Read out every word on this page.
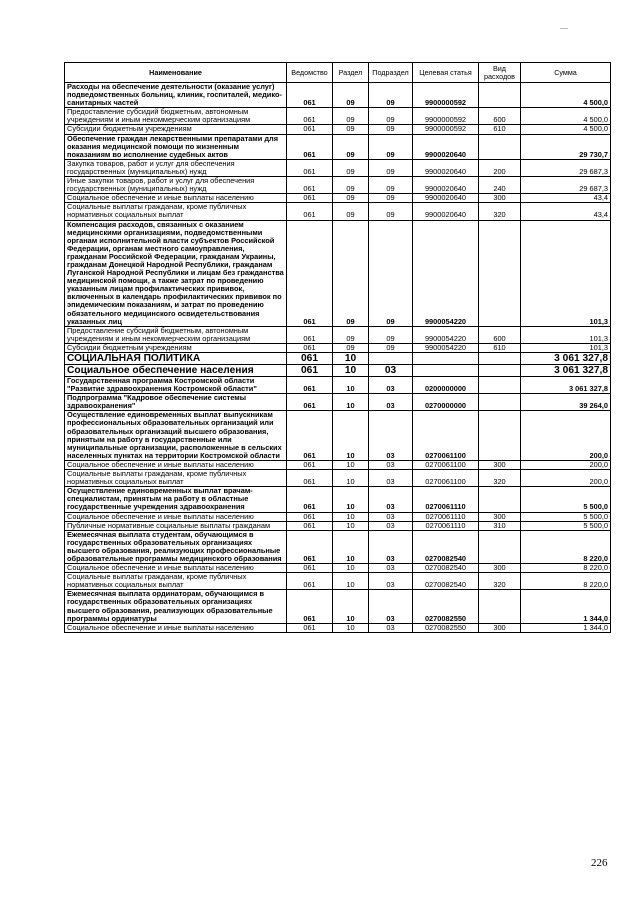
Наименование	Ведомство	Раздел	Подраздел	Целевая статья	Вид расходов	Сумма
Расходы на обеспечение деятельности (оказание услуг) подведомственных больниц, клиник, госпиталей, медико-санитарных частей	061	09	09	9900000592		4 500,0
Предоставление субсидий бюджетным, автономным учреждениям и иным некоммерческим организациям	061	09	09	9900000592	600	4 500,0
Субсидии бюджетным учреждениям	061	09	09	9900000592	610	4 500,0
Обеспечение граждан лекарственными препаратами для оказания медицинской помощи по жизненным показаниям во исполнение судебных актов	061	09	09	9900020640		29 730,7
Закупка товаров, работ и услуг для обеспечения государственных (муниципальных) нужд	061	09	09	9900020640	200	29 687,3
Иные закупки товаров, работ и услуг для обеспечения государственных (муниципальных) нужд	061	09	09	9900020640	240	29 687,3
Социальное обеспечение и иные выплаты населению	061	09	09	9900020640	300	43,4
Социальные выплаты гражданам, кроме публичных нормативных социальных выплат	061	09	09	9900020640	320	43,4
Компенсация расходов, связанных с оказанием медицинскими организациями, подведомственными органам исполнительной власти субъектов Российской Федерации, органам местного самоуправления, гражданам Российской Федерации, гражданам Украины, гражданам Донецкой Народной Республики, гражданам Луганской Народной Республики и лицам без гражданства медицинской помощи, а также затрат по проведению указанным лицам профилактических прививок, включенных в календарь профилактических прививок по эпидемическим показаниям, и затрат по проведению обязательного медицинского освидетельствования указанных лиц	061	09	09	9900054220		101,3
Предоставление субсидий бюджетным, автономным учреждениям и иным некоммерческим организациям	061	09	09	9900054220	600	101,3
Субсидии бюджетным учреждениям	061	09	09	9900054220	610	101,3
СОЦИАЛЬНАЯ ПОЛИТИКА	061	10				3 061 327,8
Социальное обеспечение населения	061	10	03			3 061 327,8
Государственная программа Костромской области "Развитие здравоохранения Костромской области"	061	10	03	0200000000		3 061 327,8
Подпрограмма "Кадровое обеспечение системы здравоохранения"	061	10	03	0270000000		39 264,0
Осуществление единовременных выплат выпускникам профессиональных образовательных организаций или образовательных организаций высшего образования, принятым на работу в государственные или муниципальные организации, расположенные в сельских населенных пунктах на территории Костромской области	061	10	03	0270061100		200,0
Социальное обеспечение и иные выплаты населению	061	10	03	0270061100	300	200,0
Социальные выплаты гражданам, кроме публичных нормативных социальных выплат	061	10	03	0270061100	320	200,0
Осуществление единовременных выплат врачам-специалистам, принятым на работу в областные государственные учреждения здравоохранения	061	10	03	0270061110		5 500,0
Социальное обеспечение и иные выплаты населению	061	10	03	0270061110	300	5 500,0
Публичные нормативные социальные выплаты гражданам	061	10	03	0270061110	310	5 500,0
Ежемесячная выплата студентам, обучающимся в государственных образовательных организациях высшего образования, реализующих профессиональные образовательные программы медицинского образования	061	10	03	0270082540		8 220,0
Социальное обеспечение и иные выплаты населению	061	10	03	0270082540	300	8 220,0
Социальные выплаты гражданам, кроме публичных нормативных социальных выплат	061	10	03	0270082540	320	8 220,0
Ежемесячная выплата ординаторам, обучающимся в государственных образовательных организациях высшего образования, реализующих образовательные программы ординатуры	061	10	03	0270082550		1 344,0
Социальное обеспечение и иные выплаты населению	061	10	03	0270082550	300	1 344,0
226
